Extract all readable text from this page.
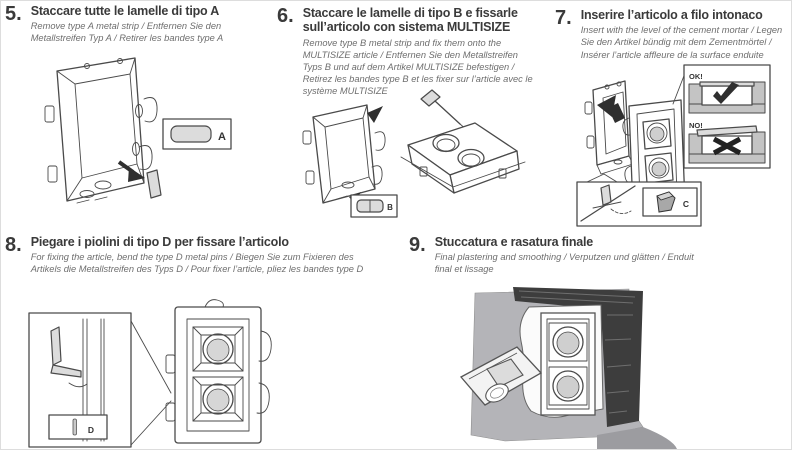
5. Staccare tutte le lamelle di tipo A

Remove type A metal strip / Entfernen Sie den Metallstreifen Typ A / Retirer les bandes type A

6. Staccare le lamelle di tipo B e fissarle sull’articolo con sistema MULTISIZE

Remove type B metal strip and fix them onto the MULTISIZE article / Entfernen Sie den Metallstreifen Typs B und auf dem Artikel MULTISIZE befestigen / Retirez les bandes type B et les fixer sur l’article avec le système MULTISIZE

7. Inserire l’articolo a filo intonaco

Insert with the level of the cement mortar / Legen Sie den Artikel bündig mit dem Zementmörtel / Insérer l’article affleure de la surface enduite

8. Piegare i piolini di tipo D per fissare l’articolo

For fixing the article, bend the type D metal pins / Biegen Sie zum Fixieren des Artikels die Metallstreifen des Typs D / Pour fixer l’article, pliez les bandes type D

9. Stuccatura e rasatura finale

Final plastering and smoothing / Verputzen und glätten / Enduit final et lissage

A
B
OK!
NO!
C
D
